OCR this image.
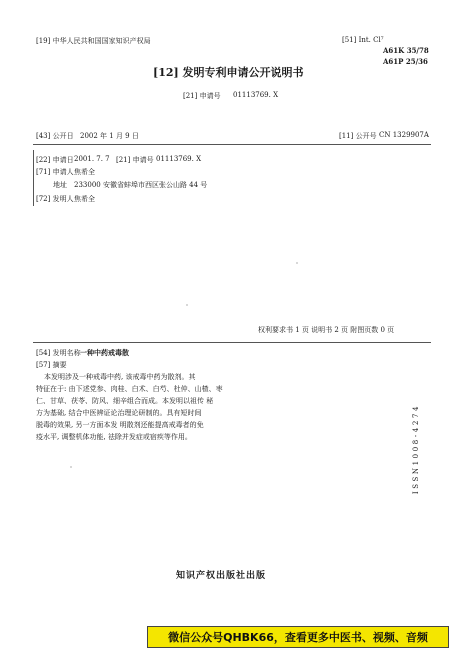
[19] 中华人民共和国国家知识产权局	[51] Int. Cl⁷
A61K 35/78
A61P 25/36
[12] 发明专利申请公开说明书
[21] 申请号 01113769. X
[43] 公开日 2002 年 1 月 9 日	[11] 公开号 CN 1329907A
[22] 申请日 2001. 7. 7 [21] 申请号 01113769. X
[71] 申请人 焦希全
地址 233000 安徽省蚌埠市西区张公山路 44 号
[72] 发明人 焦希全
权利要求书 1 页 说明书 2 页 附图页数 0 页
[54] 发明名称 一种中药戒毒散
[57] 摘要
本发明涉及一种戒毒中药, 该戒毒中药为散剂。其
特征在于: 由下述党参、肉桂、白术、白芍、杜仲、山楂、枣
仁、甘草、茯苓、防风、细辛组合而成。本发明以祖传 秘
方为基础, 结合中医辨证论治理论研制的。具有短时间
脱毒的效果, 另一方面本发 明散剂还能提高戒毒者的免
疫水平, 调整机体功能, 祛除并发症或宿疾等作用。	ISSN1008-4274
知识产权出版社出版
微信公众号QHBK66，查看更多中医书、视频、音频
